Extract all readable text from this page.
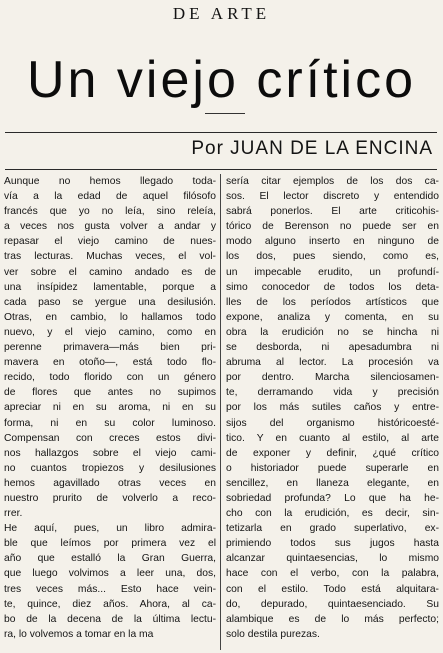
DE ARTE
Un viejo crítico
Por JUAN DE LA ENCINA
Aunque no hemos llegado toda-
vía a la edad de aquel filósofo
francés que yo no leía, sino releía,
a veces nos gusta volver a andar y
repasar el viejo camino de nues-
tras lecturas. Muchas veces, el vol-
ver sobre el camino andado es de
una insípidez lamentable, porque a
cada paso se yergue una desilusión.
Otras, en cambio, lo hallamos todo
nuevo, y el viejo camino, como en
perenne primavera—más bien pri-
mavera en otoño—, está todo flo-
recido, todo florido con un género
de flores que antes no supimos
apreciar ni en su aroma, ni en su
forma, ni en su color luminoso.
Compensan con creces estos divi-
nos hallazgos sobre el viejo cami-
no cuantos tropiezos y desilusiones
hemos agavillado otras veces en
nuestro prurito de volverlo a reco-
rrer.
He aquí, pues, un libro admira-
ble que leímos por primera vez el
año que estalló la Gran Guerra,
que luego volvimos a leer una, dos,
tres veces más... Esto hace vein-
te, quince, diez años. Ahora, al ca-
bo de la decena de la última lectu-
ra, lo volvemos a tomar en la ma
sería citar ejemplos de los dos ca-
sos. El lector discreto y entendido
sabrá ponerlos. El arte criticohis-
tórico de Berenson no puede ser en
modo alguno inserto en ninguno de
los dos, pues siendo, como es,
un impecable erudito, un profundí-
simo conocedor de todos los deta-
lles de los períodos artísticos que
expone, analiza y comenta, en su
obra la erudición no se hincha ni
se desborda, ni apesadumbra ni
abruma al lector. La procesión va
por dentro. Marcha silenciosamen-
te, derramando vida y precisión
por los más sutiles caños y entre-
sijos del organismo históricoesté-
tico. Y en cuanto al estilo, al arte
de exponer y definir, ¿qué crítico
o historiador puede superarle en
sencillez, en llaneza elegante, en
sobriedad profunda? Lo que ha he-
cho con la erudición, es decir, sin-
tetizarla en grado superlativo, ex-
primiendo todos sus jugos hasta
alcanzar quintaesencias, lo mismo
hace con el verbo, con la palabra,
con el estilo. Todo está alquitara-
do, depurado, quintaesenciado. Su
alambique es de lo más perfecto;
solo destila purezas.
